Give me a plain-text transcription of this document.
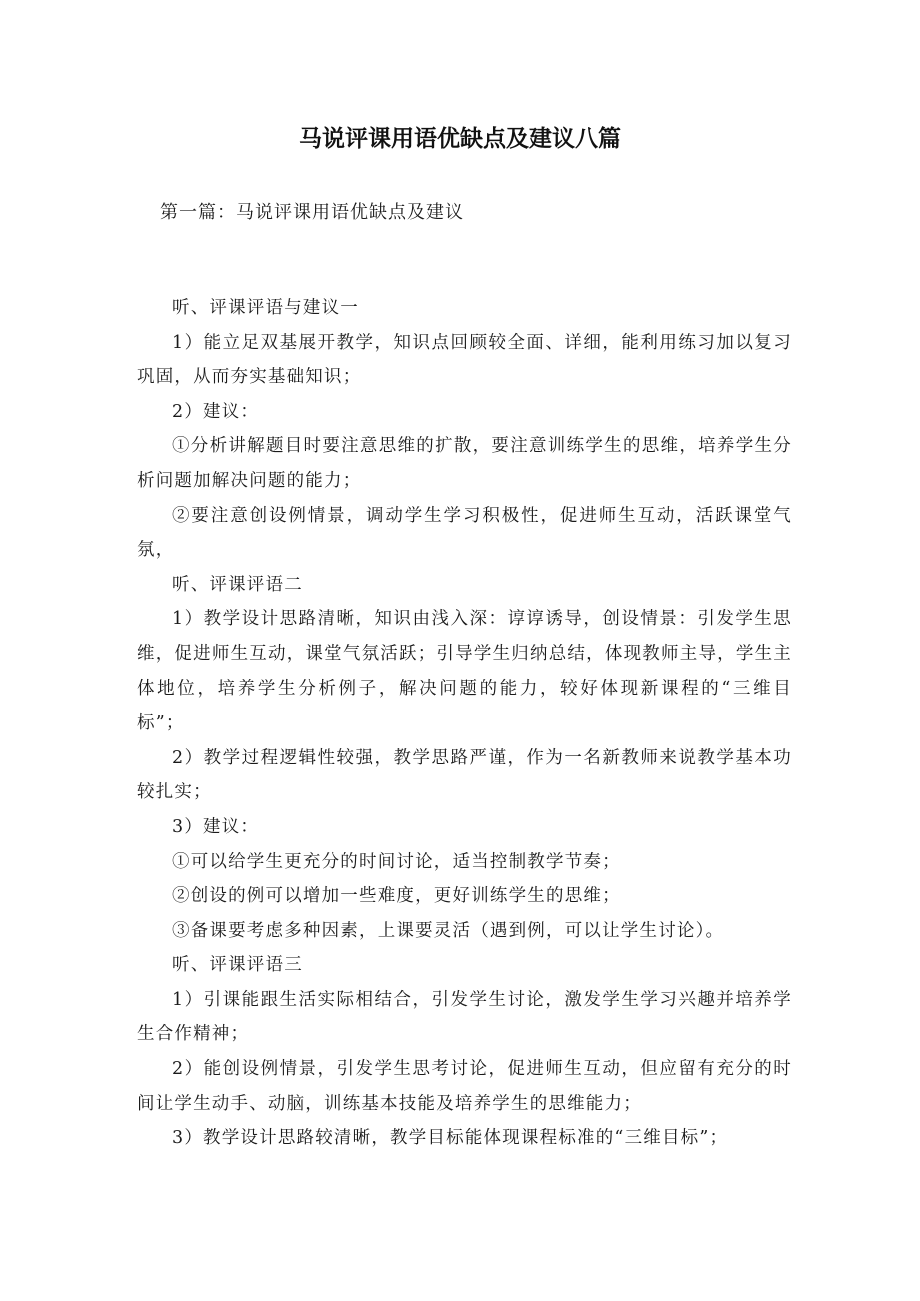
马说评课用语优缺点及建议八篇
第一篇：马说评课用语优缺点及建议

听、评课评语与建议一

1）能立足双基展开教学，知识点回顾较全面、详细，能利用练习加以复习巩固，从而夯实基础知识；

2）建议：

①分析讲解题目时要注意思维的扩散，要注意训练学生的思维，培养学生分析问题加解决问题的能力；

②要注意创设例情景，调动学生学习积极性，促进师生互动，活跃课堂气氛，

听、评课评语二

1）教学设计思路清晰，知识由浅入深：谆谆诱导，创设情景：引发学生思维，促进师生互动，课堂气氛活跃；引导学生归纳总结，体现教师主导，学生主体地位，培养学生分析例子，解决问题的能力，较好体现新课程的“三维目标”；

2）教学过程逻辑性较强，教学思路严谨，作为一名新教师来说教学基本功较扎实；

3）建议：

①可以给学生更充分的时间讨论，适当控制教学节奏；

②创设的例可以增加一些难度，更好训练学生的思维；

③备课要考虑多种因素，上课要灵活（遇到例，可以让学生讨论）。

听、评课评语三

1）引课能跟生活实际相结合，引发学生讨论，激发学生学习兴趣并培养学生合作精神；

2）能创设例情景，引发学生思考讨论，促进师生互动，但应留有充分的时间让学生动手、动脑，训练基本技能及培养学生的思维能力；

3）教学设计思路较清晰，教学目标能体现课程标准的“三维目标”；
